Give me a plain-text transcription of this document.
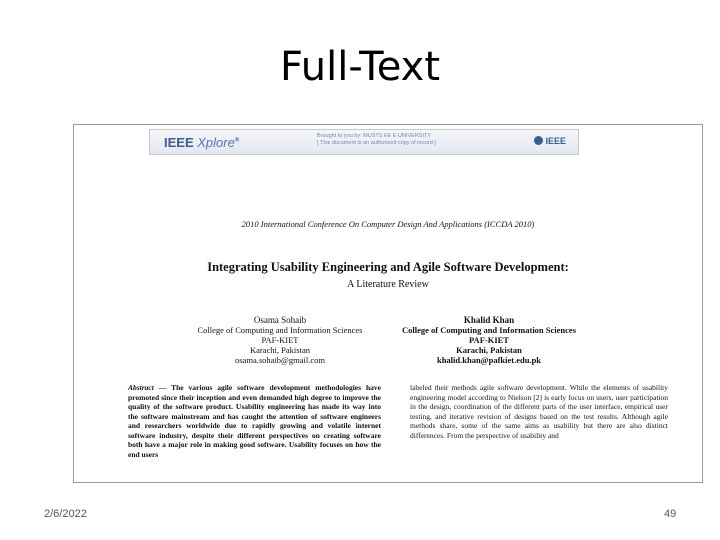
Full-Text
IEEE Xplore®
Brought to you by: MUSTS EE E UNIVERSITY
[ This document is an authorized copy of record ]	IEEE
2010 International Conference On Computer Design And Applications (ICCDA 2010)
Integrating Usability Engineering and Agile Software Development:
A Literature Review
Osama Sohaib
College of Computing and Information Sciences
PAF-KIET
Karachi, Pakistan
osama.sohaib@gmail.com
Khalid Khan
College of Computing and Information Sciences
PAF-KIET
Karachi, Pakistan
khalid.khan@pafkiet.edu.pk
Abstract — The various agile software development methodologies have promoted since their inception and even demanded high degree to improve the quality of the software product. Usability engineering has made its way into the software mainstream and has caught the attention of software engineers and researchers worldwide due to rapidly growing and volatile internet software industry, despite their different perspectives on creating software both have a major role in making good software. Usability focuses on how the end users
labeled their methods agile software development. While the elements of usability engineering model according to Nielson [2] is early focus on users, user participation in the design, coordination of the different parts of the user interface, empirical user testing, and iterative revision of designs based on the test results. Although agile methods share, some of the same aims as usability but there are also distinct differences. From the perspective of usability and
2/6/2022	49
